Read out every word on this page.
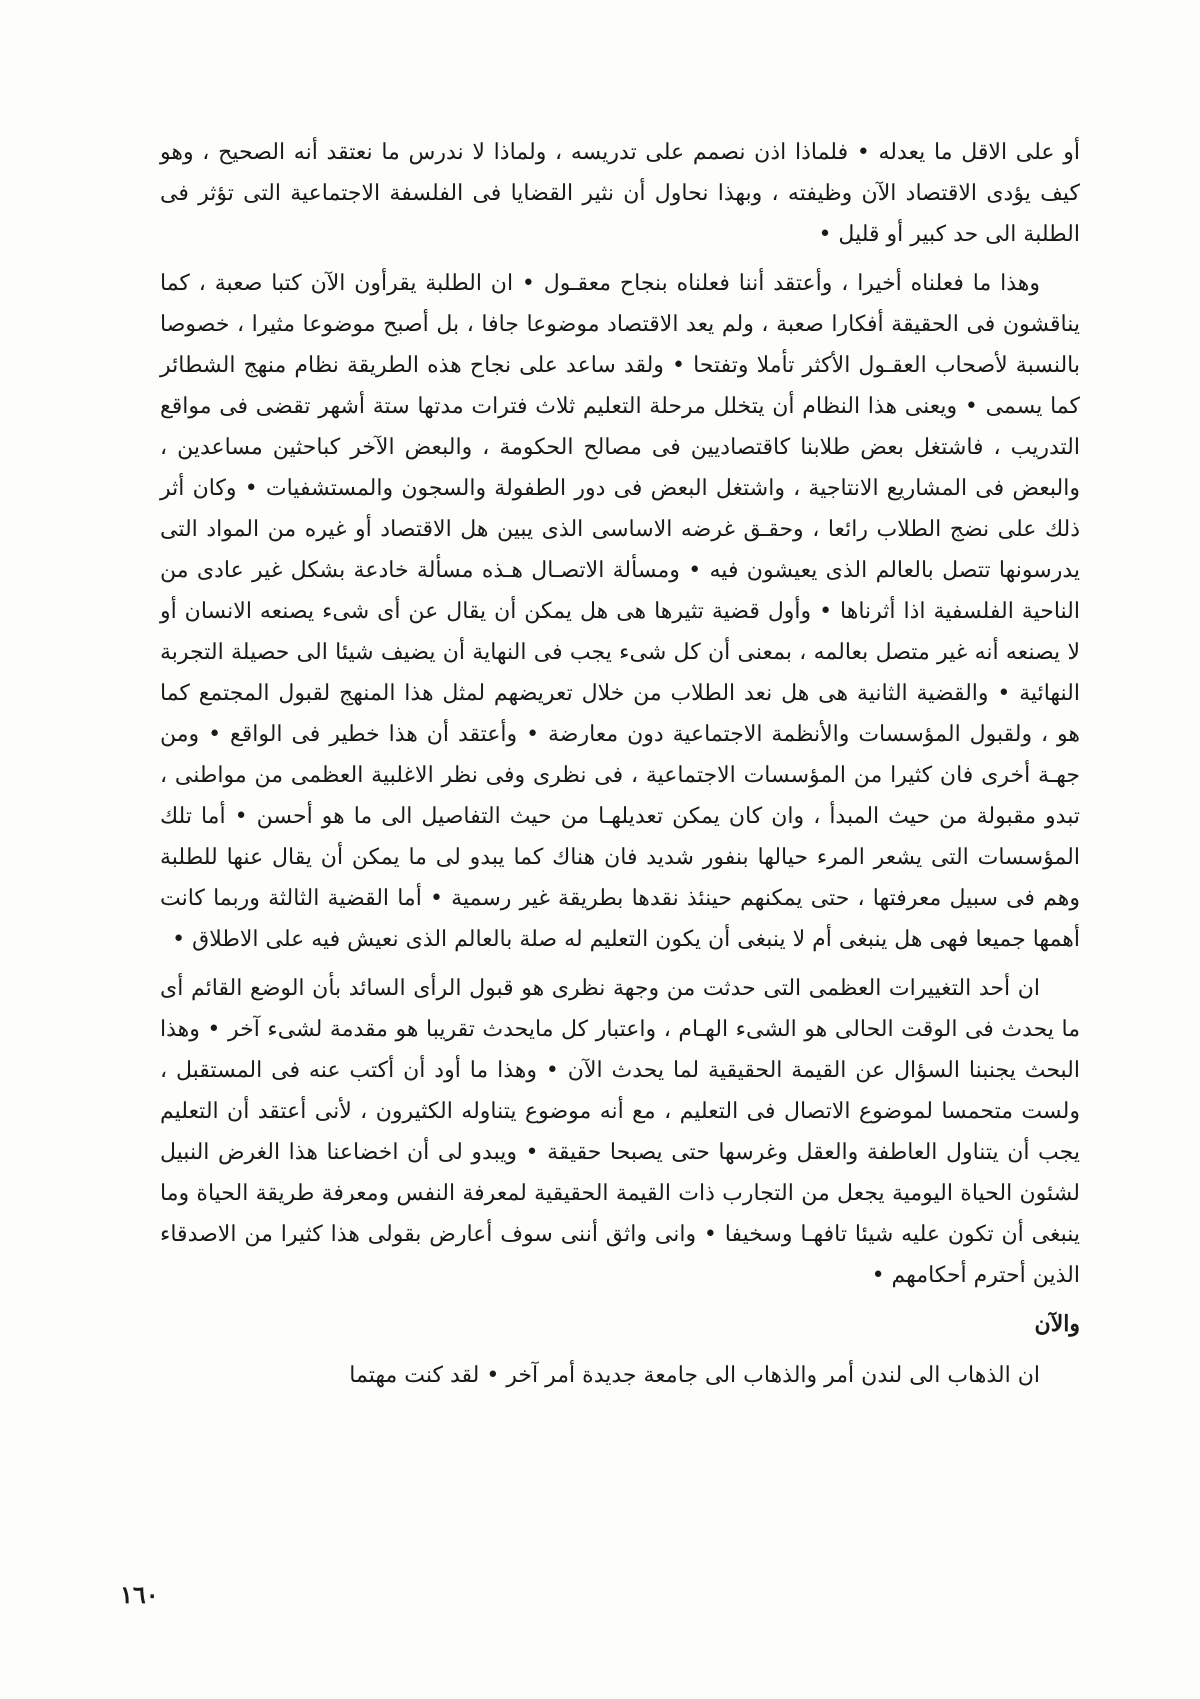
أو على الاقل ما يعدله • فلماذا اذن نصمم على تدريسه ، ولماذا لا ندرس ما نعتقد أنه الصحيح ، وهو كيف يؤدى الاقتصاد الآن وظيفته ، وبهذا نحاول أن نثير القضايا فى الفلسفة الاجتماعية التى تؤثر فى الطلبة الى حد كبير أو قليل •

وهذا ما فعلناه أخيرا ، وأعتقد أننا فعلناه بنجاح معقـول • ان الطلبة يقرأون الآن كتبا صعبة ، كما يناقشون فى الحقيقة أفكارا صعبة ، ولم يعد الاقتصاد موضوعا جافا ، بل أصبح موضوعا مثيرا ، خصوصا بالنسبة لأصحاب العقـول الأكثر تأملا وتفتحا • ولقد ساعد على نجاح هذه الطريقة نظام منهج الشطائر كما يسمى • ويعنى هذا النظام أن يتخلل مرحلة التعليم ثلاث فترات مدتها ستة أشهر تقضى فى مواقع التدريب ، فاشتغل بعض طلابنا كاقتصاديين فى مصالح الحكومة ، والبعض الآخر كباحثين مساعدين ، والبعض فى المشاريع الانتاجية ، واشتغل البعض فى دور الطفولة والسجون والمستشفيات • وكان أثر ذلك على نضج الطلاب رائعا ، وحقـق غرضه الاساسى الذى يبين هل الاقتصاد أو غيره من المواد التى يدرسونها تتصل بالعالم الذى يعيشون فيه • ومسألة الاتصـال هـذه مسألة خادعة بشكل غير عادى من الناحية الفلسفية اذا أثرناها • وأول قضية تثيرها هى هل يمكن أن يقال عن أى شىء يصنعه الانسان أو لا يصنعه أنه غير متصل بعالمه ، بمعنى أن كل شىء يجب فى النهاية أن يضيف شيئا الى حصيلة التجربة النهائية • والقضية الثانية هى هل نعد الطلاب من خلال تعريضهم لمثل هذا المنهج لقبول المجتمع كما هو ، ولقبول المؤسسات والأنظمة الاجتماعية دون معارضة • وأعتقد أن هذا خطير فى الواقع • ومن جهـة أخرى فان كثيرا من المؤسسات الاجتماعية ، فى نظرى وفى نظر الاغلبية العظمى من مواطنى ، تبدو مقبولة من حيث المبدأ ، وان كان يمكن تعديلهـا من حيث التفاصيل الى ما هو أحسن • أما تلك المؤسسات التى يشعر المرء حيالها بنفور شديد فان هناك كما يبدو لى ما يمكن أن يقال عنها للطلبة وهم فى سبيل معرفتها ، حتى يمكنهم حينئذ نقدها بطريقة غير رسمية • أما القضية الثالثة وربما كانت أهمها جميعا فهى هل ينبغى أم لا ينبغى أن يكون التعليم له صلة بالعالم الذى نعيش فيه على الاطلاق •

ان أحد التغييرات العظمى التى حدثت من وجهة نظرى هو قبول الرأى السائد بأن الوضع القائم أى ما يحدث فى الوقت الحالى هو الشىء الهـام ، واعتبار كل مايحدث تقريبا هو مقدمة لشىء آخر • وهذا البحث يجنبنا السؤال عن القيمة الحقيقية لما يحدث الآن • وهذا ما أود أن أكتب عنه فى المستقبل ، ولست متحمسا لموضوع الاتصال فى التعليم ، مع أنه موضوع يتناوله الكثيرون ، لأنى أعتقد أن التعليم يجب أن يتناول العاطفة والعقل وغرسها حتى يصبحا حقيقة • ويبدو لى أن اخضاعنا هذا الغرض النبيل لشئون الحياة اليومية يجعل من التجارب ذات القيمة الحقيقية لمعرفة النفس ومعرفة طريقة الحياة وما ينبغى أن تكون عليه شيئا تافهـا وسخيفا • وانى واثق أننى سوف أعارض بقولى هذا كثيرا من الاصدقاء الذين أحترم أحكامهم •

والآن

ان الذهاب الى لندن أمر والذهاب الى جامعة جديدة أمر آخر • لقد كنت مهتما

١٦٠
